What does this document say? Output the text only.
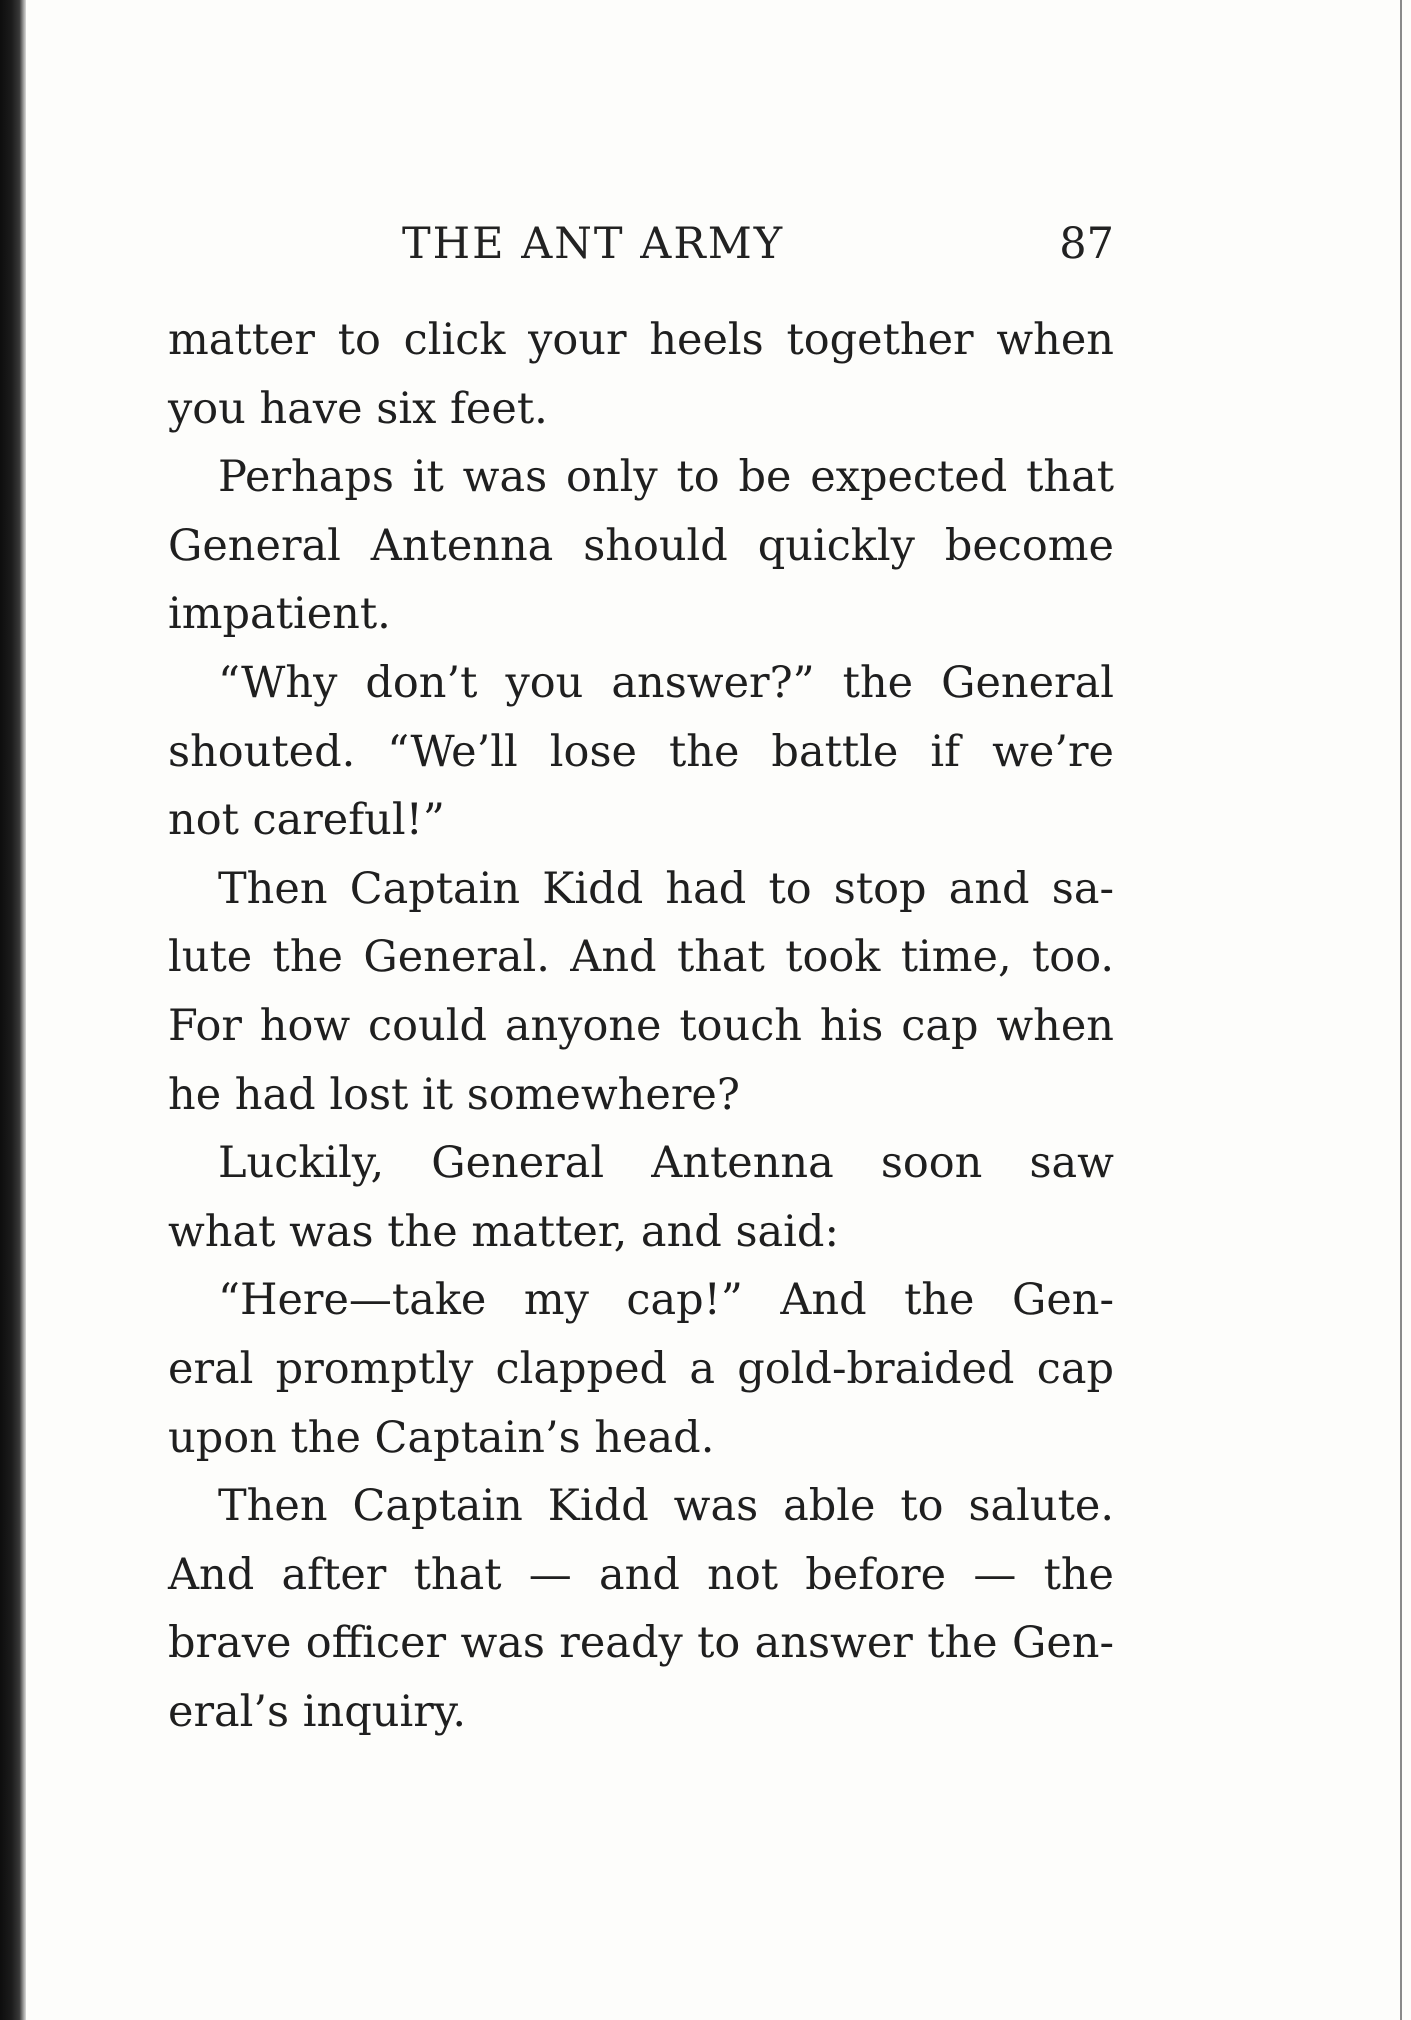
THE ANT ARMY	87

matter to click your heels together when
you have six feet.

Perhaps it was only to be expected that
General Antenna should quickly become
impatient.

“Why don’t you answer?” the General
shouted. “We’ll lose the battle if we’re
not careful!”

Then Captain Kidd had to stop and sa-
lute the General. And that took time, too.
For how could anyone touch his cap when
he had lost it somewhere?

Luckily, General Antenna soon saw
what was the matter, and said:

“Here—take my cap!” And the Gen-
eral promptly clapped a gold-braided cap
upon the Captain’s head.

Then Captain Kidd was able to salute.
And after that — and not before — the
brave officer was ready to answer the Gen-
eral’s inquiry.
